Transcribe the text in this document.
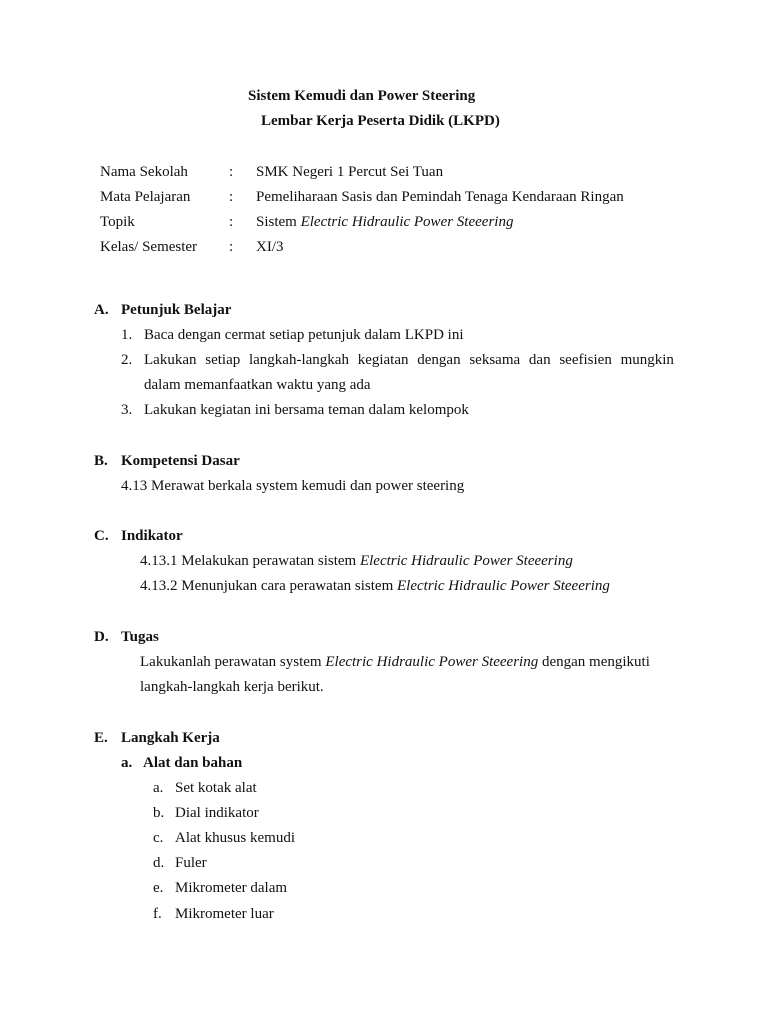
Sistem Kemudi dan Power Steering
Lembar Kerja Peserta Didik (LKPD)
Nama Sekolah	: SMK Negeri 1 Percut Sei Tuan
Mata Pelajaran	: Pemeliharaan Sasis dan Pemindah Tenaga Kendaraan Ringan
Topik	: Sistem Electric Hidraulic Power Steeering
Kelas/ Semester : XI/3
A. Petunjuk Belajar
1. Baca dengan cermat setiap petunjuk dalam LKPD ini
2. Lakukan setiap langkah-langkah kegiatan dengan seksama dan seefisien mungkin
dalam memanfaatkan waktu yang ada
3. Lakukan kegiatan ini bersama teman dalam kelompok
B. Kompetensi Dasar
4.13 Merawat berkala system kemudi dan power steering
C. Indikator
4.13.1 Melakukan perawatan sistem Electric Hidraulic Power Steeering
4.13.2 Menunjukan cara perawatan sistem Electric Hidraulic Power Steeering
D. Tugas
Lakukanlah perawatan system Electric Hidraulic Power Steeering dengan mengikuti
langkah-langkah kerja berikut.
E. Langkah Kerja
a. Alat dan bahan
a. Set kotak alat
b. Dial indikator
c. Alat khusus kemudi
d. Fuler
e. Mikrometer dalam
f. Mikrometer luar
